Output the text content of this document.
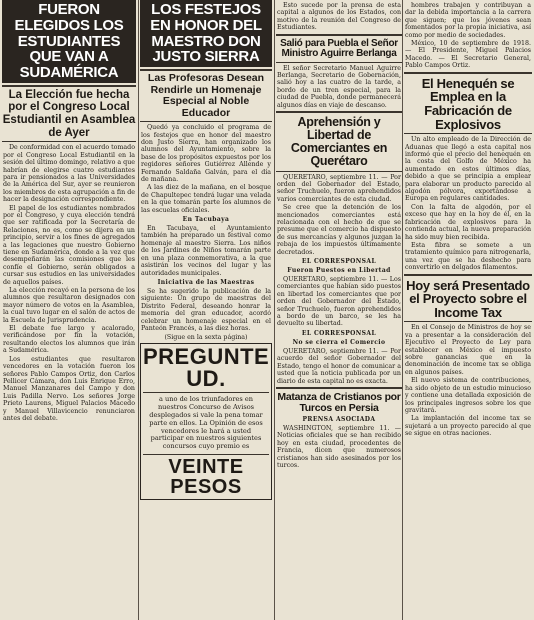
FUERON ELEGIDOS LOS ESTUDIANTES QUE VAN A SUDAMÉRICA
La Elección fue hecha por el Congreso Local Estudiantil en Asamblea de Ayer

De conformidad con el acuerdo tomado por el Congreso Local Estudiantil en la sesión del último domingo, relativo a que habrían de elegirse cuatro estudiantes para ir pensionados a las Universidades de la América del Sur, ayer se reunieron los miembros de esta agrupación a fin de hacer la designación correspondiente.

El papel de los estudiantes nombrados por el Congreso, y cuya elección tendrá que ser ratificada por la Secretaría de Relaciones, no es, como se dijera en un principio, servir a los fines de agregados a las legaciones que nuestro Gobierno tiene en Sudamérica, donde a la vez que desempeñarán las comisiones que les confíe el Gobierno, serán obligados a cursar sus estudios en las universidades de aquellos países.

La elección recayó en la persona de los alumnos que resultaron designados con mayor número de votos en la Asamblea, la cual tuvo lugar en el salón de actos de la Escuela de Jurisprudencia.

El debate fue largo y acalorado, verificándose por fin la votación, resultando electos los alumnos que irán a Sudamérica.

Los estudiantes que resultaron vencedores en la votación fueron los señores Pablo Campos Ortiz, don Carlos Pellicer Cámara, don Luis Enrique Erro, Manuel Manzanares del Campo y don Luis Padilla Nervo. Los señores Jorge Prieto Laurens, Miguel Palacios Macedo y Manuel Villavicencio renunciaron antes del debate.

LOS FESTEJOS EN HONOR DEL MAESTRO DON JUSTO SIERRA
Las Profesoras Desean Rendirle un Homenaje Especial al Noble Educador

Quedó ya concluido el programa de los festejos que en honor del maestro don Justo Sierra, han organizado los alumnos del Ayuntamiento, sobre la base de los propósitos expuestos por los regidores señores Gutiérrez Allende y Fernando Saldaña Galván, para el día de mañana.

A las diez de la mañana, en el bosque de Chapultepec tendrá lugar una velada en la que tomarán parte los alumnos de las escuelas oficiales.

En Tacubaya

En Tacubaya, el Ayuntamiento también ha preparado un festival como homenaje al maestro Sierra. Los niños de los Jardines de Niños tomarán parte en una plaza conmemorativa, a la que asistirán los vecinos del lugar y las autoridades municipales.

Iniciativa de las Maestras

Se ha sugerido la publicación de la siguiente: Un grupo de maestras del Distrito Federal, deseando honrar la memoria del gran educador, acordó celebrar un homenaje especial en el Panteón Francés, a las diez horas.

(Sigue en la sexta página)
PREGUNTE UD.
a uno de los triunfadores en nuestros Concurso de Avisos desplegados si vale la pena tomar parte en ellos. La Opinión de esos vencedores le hará a usted participar en nuestros siguientes concursos cuyo premio es
VEINTE PESOS

Esto sucede por la prensa de esta capital a algunos de los Estados, con motivo de la reunión del Congreso de Estudiantes.

Salió para Puebla el Señor Ministro Aguirre Berlanga

El señor Secretario Manuel Aguirre Berlanga, Secretario de Gobernación, salió hoy a las cuatro de la tarde, a bordo de un tren especial, para la ciudad de Puebla, donde permanecerá algunos días en viaje de descanso.

Aprehensión y Libertad de Comerciantes en Querétaro

QUERETARO, septiembre 11. — Por orden del Gobernador del Estado, señor Truchuelo, fueron aprehendidos varios comerciantes de esta ciudad.

Se cree que la detención de los mencionados comerciantes está relacionada con el hecho de que se presume que el comercio ha dispuesto de sus mercancías y algunos juzgan la rebaja de los impuestos últimamente decretados.

EL CORRESPONSAL
Fueron Puestos en Libertad

QUERETARO, septiembre 11. — Los comerciantes que habían sido puestos en libertad los comerciantes que por orden del Gobernador del Estado, señor Truchuelo, fueron aprehendidos a bordo de un barco, se les ha devuelto su libertad.

EL CORRESPONSAL
No se cierra el Comercio

QUERETARO, septiembre 11. — Por acuerdo del señor Gobernador del Estado, tengo el honor de comunicar a usted que la noticia publicada por un diario de esta capital no es exacta.

Matanza de Cristianos por Turcos en Persia
PRENSA ASOCIADA

WASHINGTON, septiembre 11. — Noticias oficiales que se han recibido hoy en esta ciudad, procedentes de Francia, dicen que numerosos cristianos han sido asesinados por los turcos.

hombres trabajen y contribuyan a dar la debida importancia a la carrera que siguen; que los jóvenes sean fomentados por la propia iniciativa, así como por medio de sociedades.

México, 10 de septiembre de 1918. — El Presidente, Miguel Palacios Macedo. — El Secretario General, Pablo Campos Ortiz.

El Henequén se Emplea en la Fabricación de Explosivos

Un alto empleado de la Dirección de Aduanas que llegó a esta capital nos informó que el precio del henequén en la costa del Golfo de México ha aumentado en estos últimos días, debido a que se principia a emplear para elaborar un producto parecido al algodón pólvora, exportándose a Europa en regulares cantidades.

Con la falta de algodón, por el exceso que hay en la hoy de él, en la fabricación de explosivos para la contienda actual, la nueva preparación ha sido muy bien recibida.

Esta fibra se somete a un tratamiento químico para nitrogenarla, una vez que se ha deshecho para convertirlo en delgados filamentos.

Hoy será Presentado el Proyecto sobre el Income Tax

En el Consejo de Ministros de hoy se va a presentar a la consideración del Ejecutivo el Proyecto de Ley para establecer en México el impuesto sobre ganancias que en la denominación de income tax se obliga en algunos países.

El nuevo sistema de contribuciones, ha sido objeto de un estudio minucioso y contiene una detallada exposición de los principales ingresos sobre los que gravitará.

La implantación del income tax se sujetará a un proyecto parecido al que se sigue en otras naciones.
